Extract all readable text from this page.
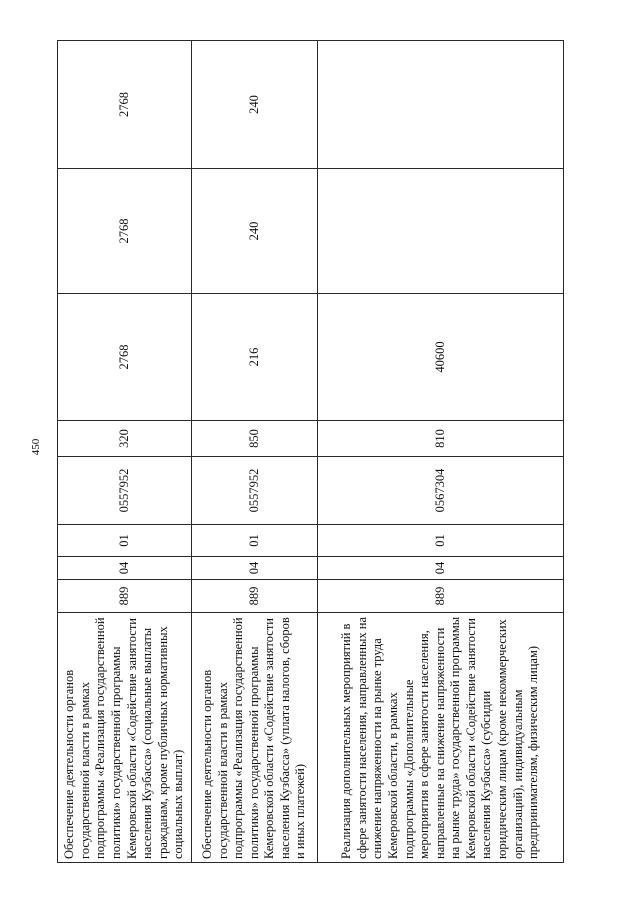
450
Обеспечение деятельности органов государственной власти в рамках подпрограммы «Реализация государственной политики» государственной программы Кемеровской области «Содействие занятости населения Кузбасса» (социальные выплаты гражданам, кроме публичных нормативных социальных выплат)	889	04	01	0557952	320	2768	2768	2768
Обеспечение деятельности органов государственной власти в рамках подпрограммы «Реализация государственной политики» государственной программы Кемеровской области «Содействие занятости населения Кузбасса» (уплата налогов, сборов и иных платежей)	889	04	01	0557952	850	216	240	240
Реализация дополнительных мероприятий в сфере занятости населения, направленных на снижение напряженности на рынке труда Кемеровской области, в рамках подпрограммы «Дополнительные мероприятия в сфере занятости населения, направленные на снижение напряженности на рынке труда» государственной программы Кемеровской области «Содействие занятости населения Кузбасса» (субсидии юридическим лицам (кроме некоммерческих организаций), индивидуальным предпринимателям, физическим лицам)	889	04	01	0567304	810	40600		
